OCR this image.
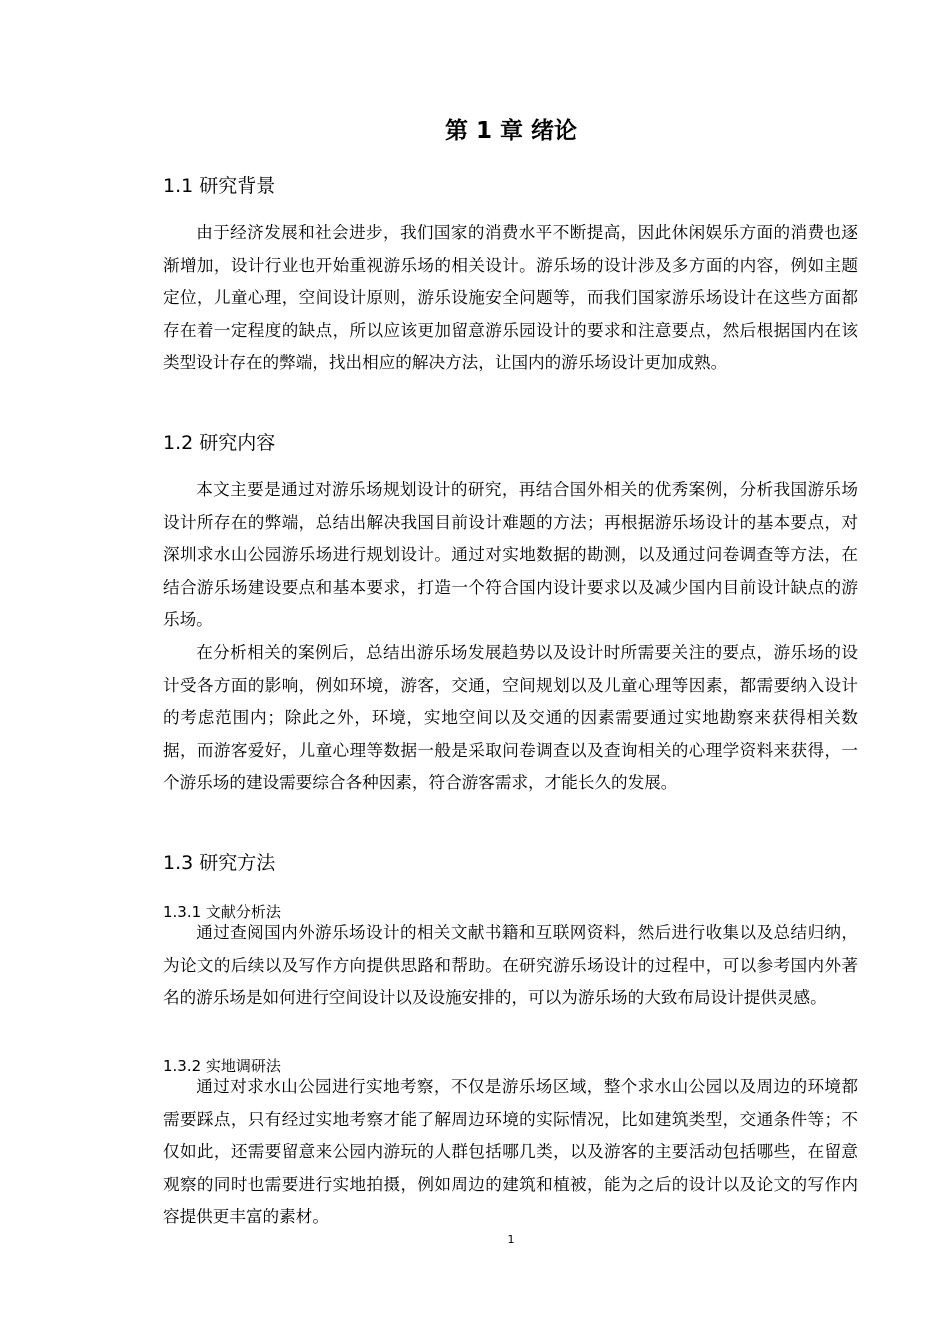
第 1 章 绪论
1.1 研究背景

由于经济发展和社会进步，我们国家的消费水平不断提高，因此休闲娱乐方面的消费也逐渐增加，设计行业也开始重视游乐场的相关设计。游乐场的设计涉及多方面的内容，例如主题定位，儿童心理，空间设计原则，游乐设施安全问题等，而我们国家游乐场设计在这些方面都存在着一定程度的缺点，所以应该更加留意游乐园设计的要求和注意要点，然后根据国内在该类型设计存在的弊端，找出相应的解决方法，让国内的游乐场设计更加成熟。

1.2 研究内容

本文主要是通过对游乐场规划设计的研究，再结合国外相关的优秀案例，分析我国游乐场设计所存在的弊端，总结出解决我国目前设计难题的方法；再根据游乐场设计的基本要点，对深圳求水山公园游乐场进行规划设计。通过对实地数据的勘测，以及通过问卷调查等方法，在结合游乐场建设要点和基本要求，打造一个符合国内设计要求以及减少国内目前设计缺点的游乐场。

在分析相关的案例后，总结出游乐场发展趋势以及设计时所需要关注的要点，游乐场的设计受各方面的影响，例如环境，游客，交通，空间规划以及儿童心理等因素，都需要纳入设计的考虑范围内；除此之外，环境，实地空间以及交通的因素需要通过实地勘察来获得相关数据，而游客爱好，儿童心理等数据一般是采取问卷调查以及查询相关的心理学资料来获得，一个游乐场的建设需要综合各种因素，符合游客需求，才能长久的发展。

1.3 研究方法
1.3.1 文献分析法

通过查阅国内外游乐场设计的相关文献书籍和互联网资料，然后进行收集以及总结归纳，为论文的后续以及写作方向提供思路和帮助。在研究游乐场设计的过程中，可以参考国内外著名的游乐场是如何进行空间设计以及设施安排的，可以为游乐场的大致布局设计提供灵感。

1.3.2 实地调研法

通过对求水山公园进行实地考察，不仅是游乐场区域，整个求水山公园以及周边的环境都需要踩点，只有经过实地考察才能了解周边环境的实际情况，比如建筑类型，交通条件等；不仅如此，还需要留意来公园内游玩的人群包括哪几类，以及游客的主要活动包括哪些，在留意观察的同时也需要进行实地拍摄，例如周边的建筑和植被，能为之后的设计以及论文的写作内容提供更丰富的素材。

1
